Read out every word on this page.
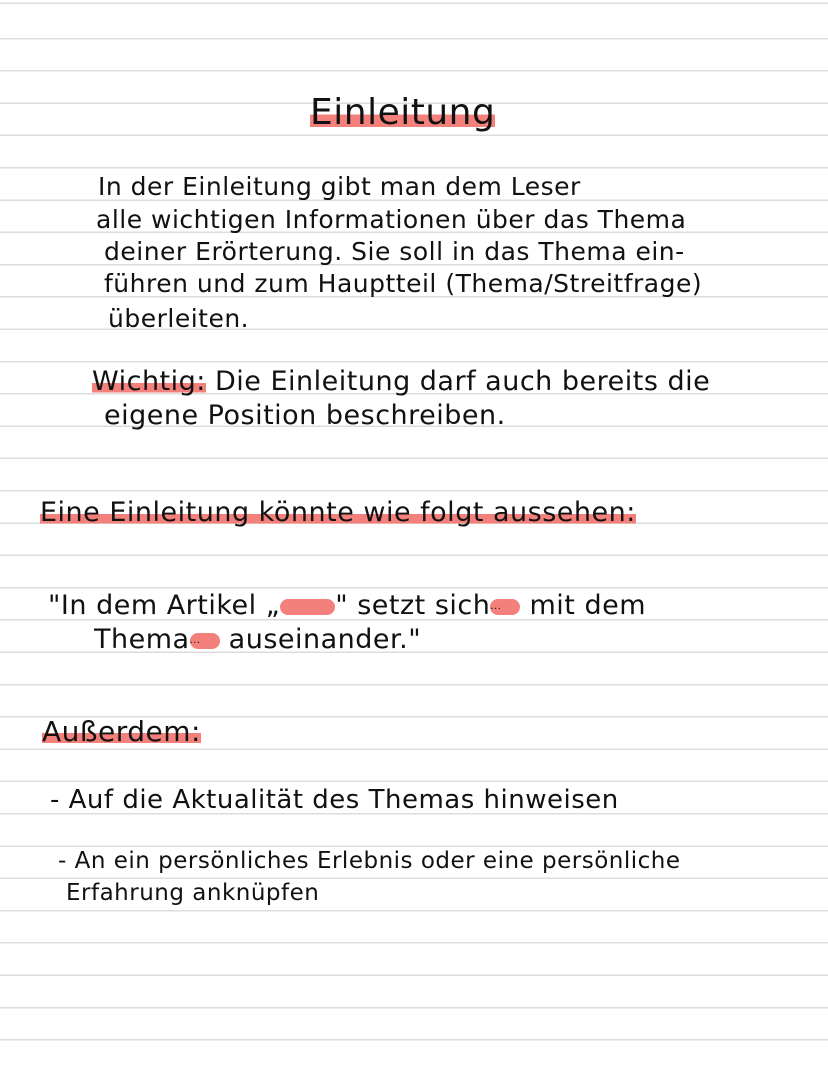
Einleitung
In der Einleitung gibt man dem Leser
alle wichtigen Informationen über das Thema
deiner Erörterung. Sie soll in das Thema ein-
führen und zum Hauptteil (Thema/Streitfrage)
überleiten.
Wichtig: Die Einleitung darf auch bereits die
eigene Position beschreiben.
Eine Einleitung könnte wie folgt aussehen:
"In dem Artikel „ " setzt sich... mit dem
Thema... auseinander."
Außerdem:
- Auf die Aktualität des Themas hinweisen
- An ein persönliches Erlebnis oder eine persönliche
Erfahrung anknüpfen
